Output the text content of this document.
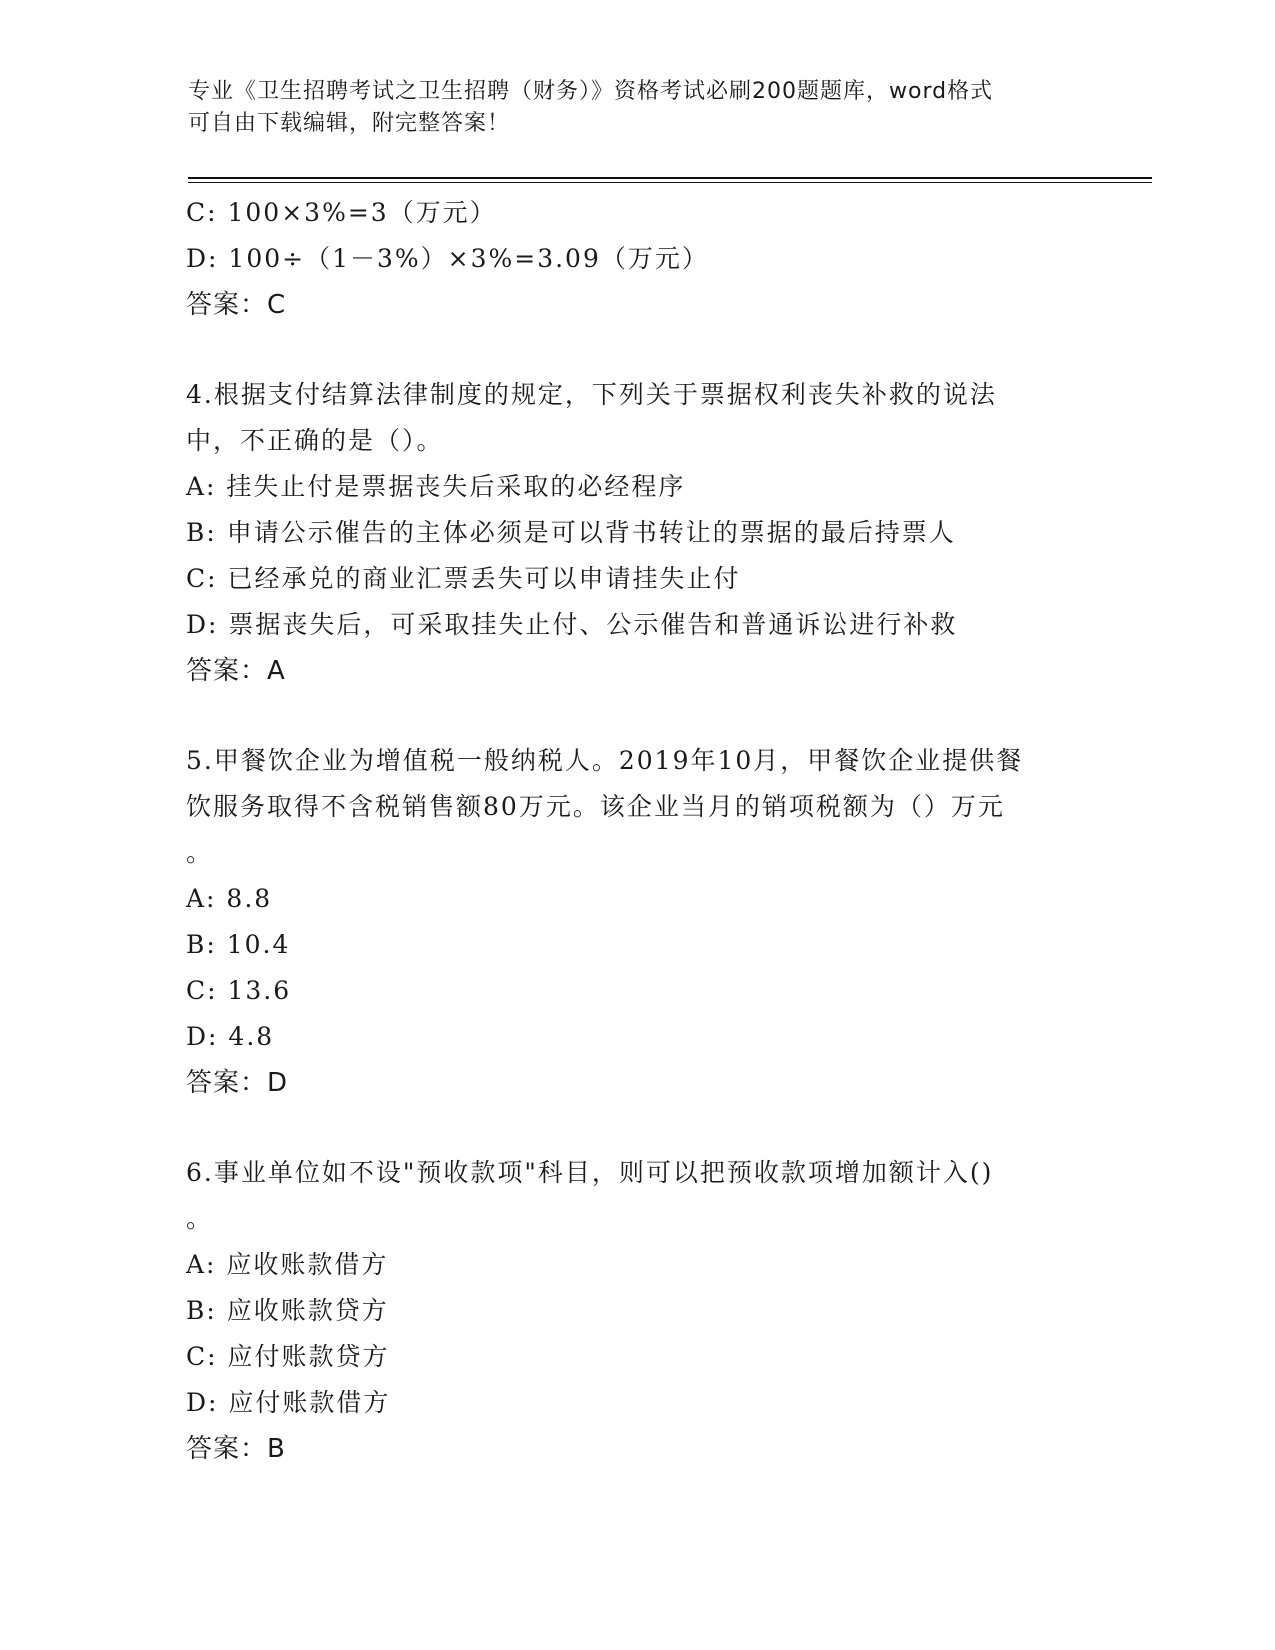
专业《卫生招聘考试之卫生招聘（财务）》资格考试必刷200题题库，word格式
可自由下载编辑，附完整答案！
C: 100×3%=3（万元）
D: 100÷（1－3%）×3%=3.09（万元）
答案：C
4.根据支付结算法律制度的规定，下列关于票据权利丧失补救的说法
中，不正确的是（）。
A: 挂失止付是票据丧失后采取的必经程序
B: 申请公示催告的主体必须是可以背书转让的票据的最后持票人
C: 已经承兑的商业汇票丢失可以申请挂失止付
D: 票据丧失后，可采取挂失止付、公示催告和普通诉讼进行补救
答案：A
5.甲餐饮企业为增值税一般纳税人。2019年10月，甲餐饮企业提供餐
饮服务取得不含税销售额80万元。该企业当月的销项税额为（）万元
。
A: 8.8
B: 10.4
C: 13.6
D: 4.8
答案：D
6.事业单位如不设"预收款项"科目，则可以把预收款项增加额计入()
。
A: 应收账款借方
B: 应收账款贷方
C: 应付账款贷方
D: 应付账款借方
答案：B
